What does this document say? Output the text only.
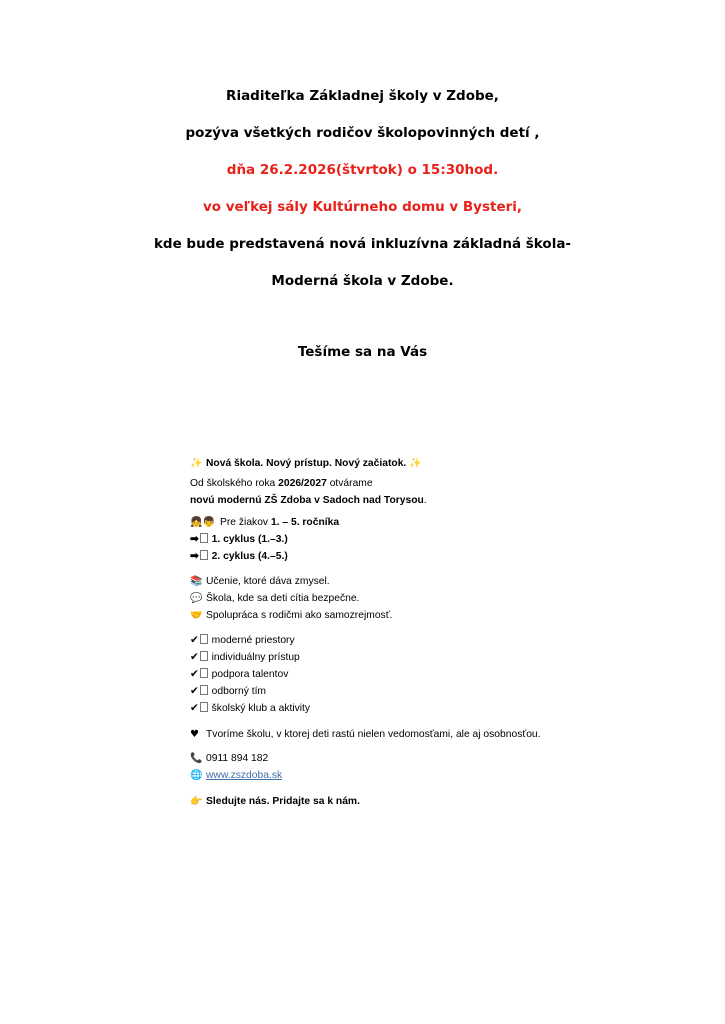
Riaditeľka Základnej školy v Zdobe,
pozýva všetkých rodičov školopovinných detí ,
dňa 26.2.2026(štvrtok) o 15:30hod.
vo veľkej sály Kultúrneho domu v Bysteri,
kde bude predstavená nová inkluzívna základná škola-
Moderná škola v Zdobe.
Tešíme sa na Vás
✨ Nová škola. Nový prístup. Nový začiatok. ✨
Od školského roka 2026/2027 otvárame
novú modernú ZŠ Zdoba v Sadoch nad Torysou.
👧👦 Pre žiakov 1. – 5. ročníka
➡ 1. cyklus (1.–3.)
➡ 2. cyklus (4.–5.)
📚 Učenie, ktoré dáva zmysel.
💬 Škola, kde sa deti cítia bezpečne.
🤝 Spolupráca s rodičmi ako samozrejmosť.
✔ moderné priestory
✔ individuálny prístup
✔ podpora talentov
✔ odborný tím
✔ školský klub a aktivity
♥ Tvoríme školu, v ktorej deti rastú nielen vedomosťami, ale aj osobnosťou.
📞 0911 894 182
🌐 www.zszdoba.sk
👉 Sledujte nás. Pridajte sa k nám.
